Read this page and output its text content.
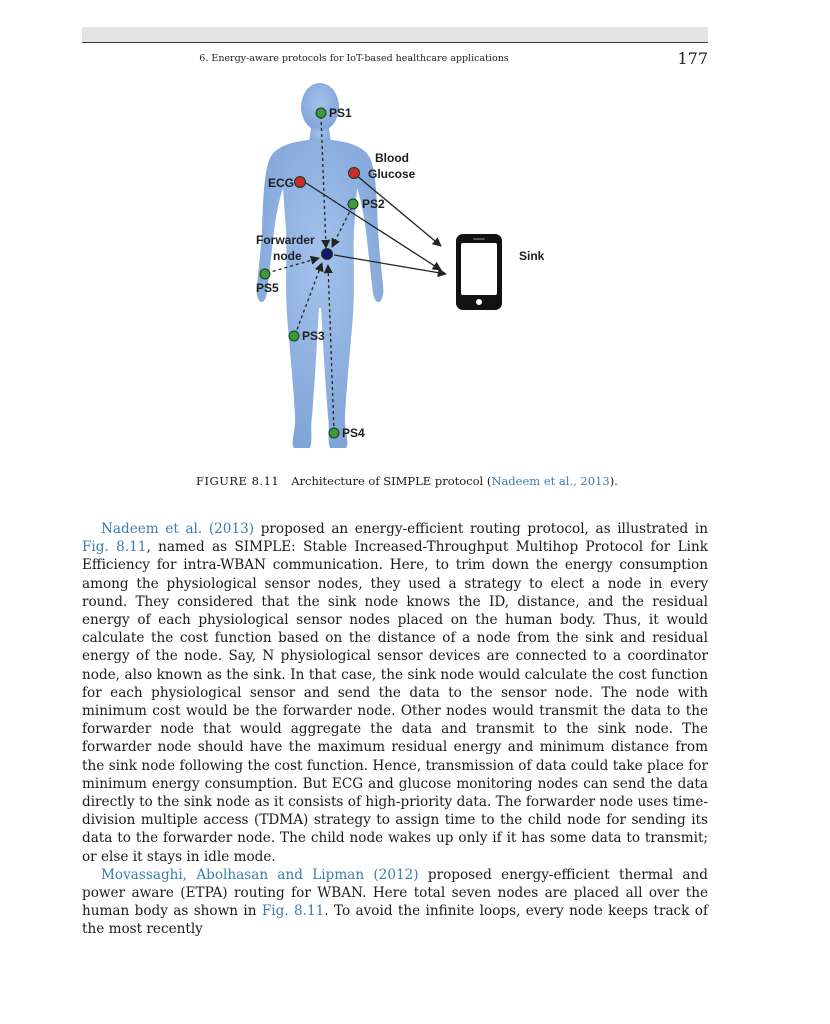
6. Energy-aware protocols for IoT-based healthcare applications	177
PS1
Blood
Glucose
ECG
PS2
Forwarder
node
PS5
PS3
PS4
Sink
FIGURE 8.11 Architecture of SIMPLE protocol (Nadeem et al., 2013).

Nadeem et al. (2013) proposed an energy-efficient routing protocol, as illustrated in Fig. 8.11, named as SIMPLE: Stable Increased-Throughput Multihop Protocol for Link Efficiency for intra-WBAN communication. Here, to trim down the energy consumption among the physiological sensor nodes, they used a strategy to elect a node in every round. They considered that the sink node knows the ID, distance, and the residual energy of each physiological sensor nodes placed on the human body. Thus, it would calculate the cost function based on the distance of a node from the sink and residual energy of the node. Say, N physiological sensor devices are connected to a coordinator node, also known as the sink. In that case, the sink node would calculate the cost function for each physiological sensor and send the data to the sensor node. The node with minimum cost would be the forwarder node. Other nodes would transmit the data to the forwarder node that would aggregate the data and transmit to the sink node. The forwarder node should have the maximum residual energy and minimum distance from the sink node following the cost function. Hence, transmission of data could take place for minimum energy consumption. But ECG and glucose monitoring nodes can send the data directly to the sink node as it consists of high-priority data. The forwarder node uses time-division multiple access (TDMA) strategy to assign time to the child node for sending its data to the forwarder node. The child node wakes up only if it has some data to transmit; or else it stays in idle mode.

Movassaghi, Abolhasan and Lipman (2012) proposed energy-efficient thermal and power aware (ETPA) routing for WBAN. Here total seven nodes are placed all over the human body as shown in Fig. 8.11. To avoid the infinite loops, every node keeps track of the most recently
